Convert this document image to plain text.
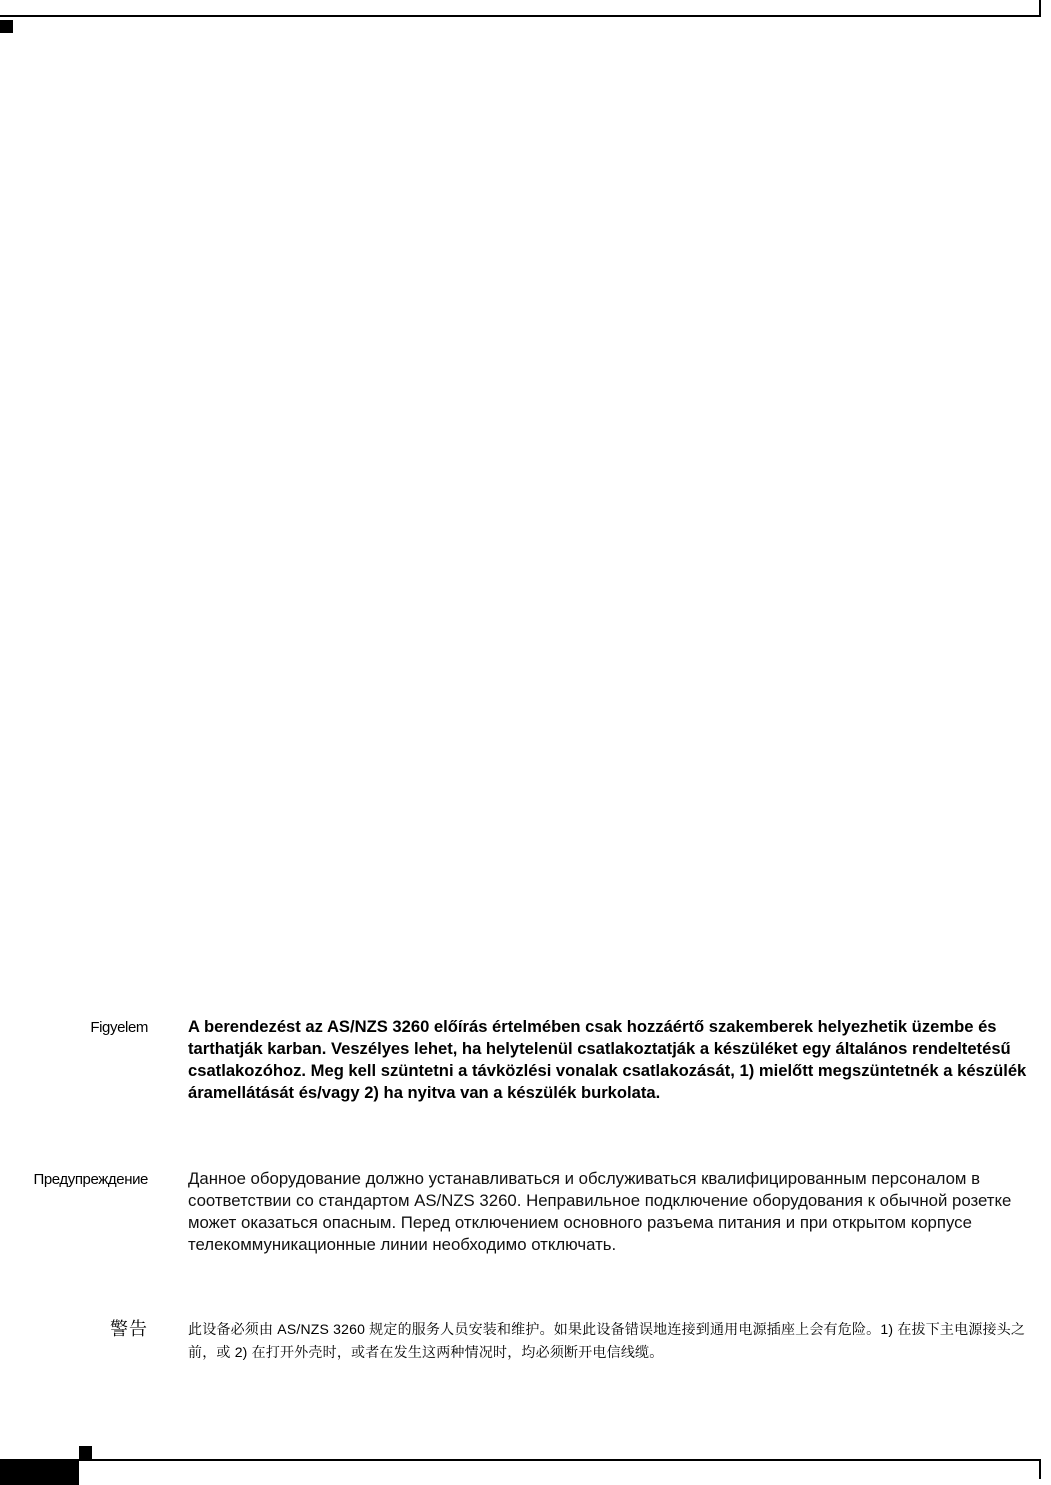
Figyelem A berendezést az AS/NZS 3260 előírás értelmében csak hozzáértő szakemberek helyezhetik üzembe és tarthatják karban. Veszélyes lehet, ha helytelenül csatlakoztatják a készüléket egy általános rendeltetésű csatlakozóhoz. Meg kell szüntetni a távközlési vonalak csatlakozását, 1) mielőtt megszüntetnék a készülék áramellátását és/vagy 2) ha nyitva van a készülék burkolata.
Предупреждение Данное оборудование должно устанавливаться и обслуживаться квалифицированным персоналом в соответствии со стандартом AS/NZS 3260. Неправильное подключение оборудования к обычной розетке может оказаться опасным. Перед отключением основного разъема питания и при открытом корпусе телекоммуникационные линии необходимо отключать.
警告	此设备必须由 AS/NZS 3260 规定的服务人员安装和维护。如果此设备错误地连接到通用电源插座上会有危险。1) 在拔下主电源接头之前，或 2) 在打开外壳时，或者在发生这两种情况时，均必须断开电信线缆。
